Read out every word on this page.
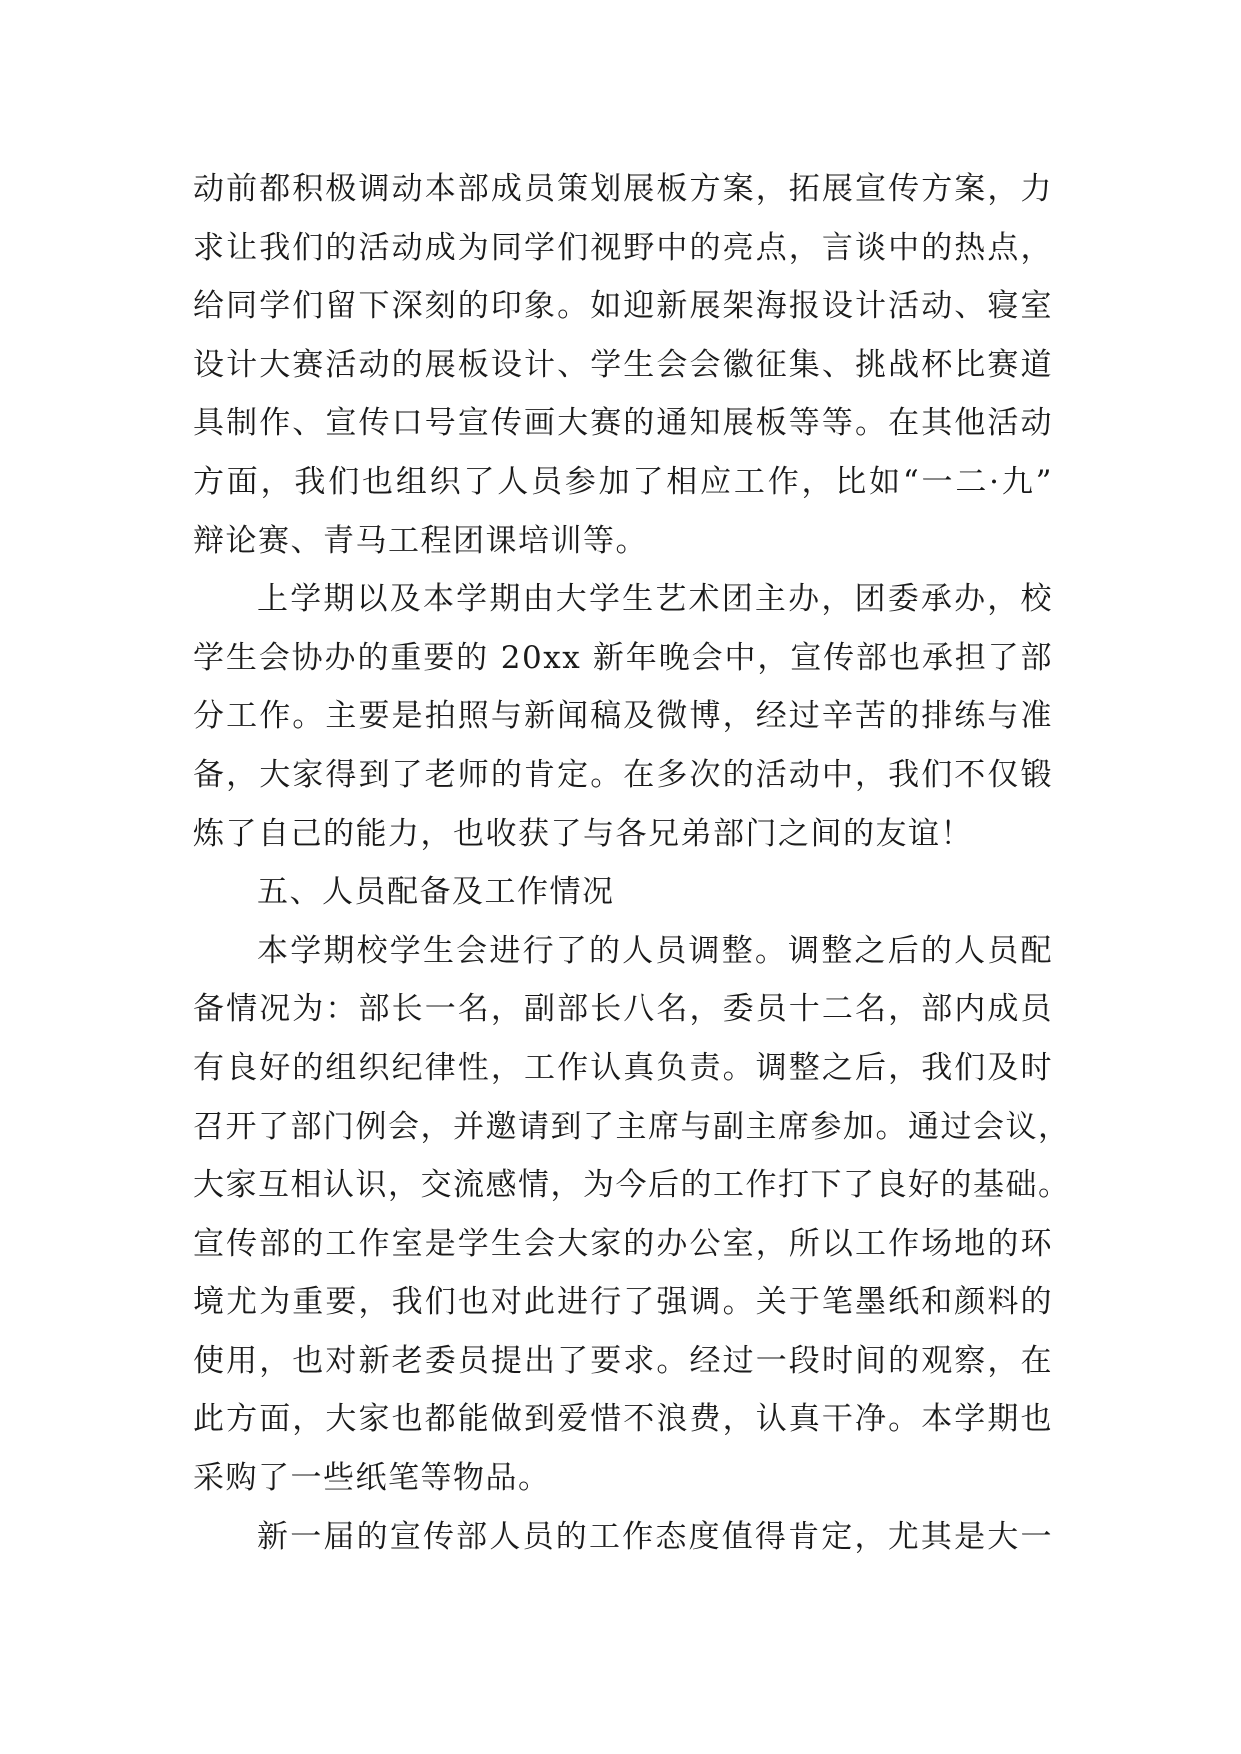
动前都积极调动本部成员策划展板方案，拓展宣传方案，力
求让我们的活动成为同学们视野中的亮点，言谈中的热点，
给同学们留下深刻的印象。如迎新展架海报设计活动、寝室
设计大赛活动的展板设计、学生会会徽征集、挑战杯比赛道
具制作、宣传口号宣传画大赛的通知展板等等。在其他活动
方面，我们也组织了人员参加了相应工作，比如“一二·九”
辩论赛、青马工程团课培训等。
上学期以及本学期由大学生艺术团主办，团委承办，校
学生会协办的重要的 20xx 新年晚会中，宣传部也承担了部
分工作。主要是拍照与新闻稿及微博，经过辛苦的排练与准
备，大家得到了老师的肯定。在多次的活动中，我们不仅锻
炼了自己的能力，也收获了与各兄弟部门之间的友谊！
五、人员配备及工作情况
本学期校学生会进行了的人员调整。调整之后的人员配
备情况为：部长一名，副部长八名，委员十二名，部内成员
有良好的组织纪律性，工作认真负责。调整之后，我们及时
召开了部门例会，并邀请到了主席与副主席参加。通过会议，
大家互相认识，交流感情，为今后的工作打下了良好的基础。
宣传部的工作室是学生会大家的办公室，所以工作场地的环
境尤为重要，我们也对此进行了强调。关于笔墨纸和颜料的
使用，也对新老委员提出了要求。经过一段时间的观察，在
此方面，大家也都能做到爱惜不浪费，认真干净。本学期也
采购了一些纸笔等物品。
新一届的宣传部人员的工作态度值得肯定，尤其是大一
